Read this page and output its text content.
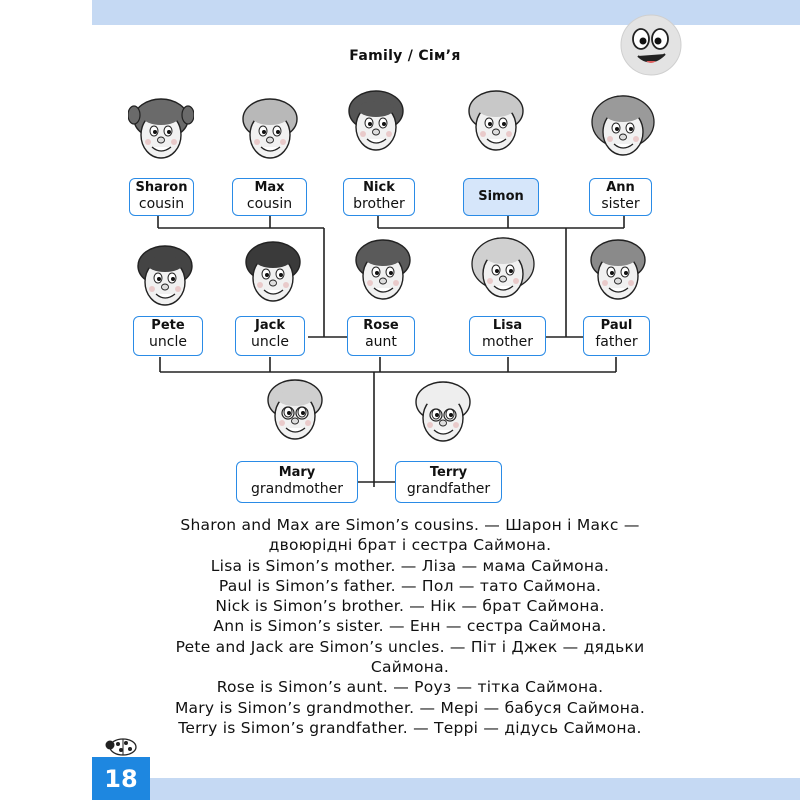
18
Family / Сім’я
Sharon
cousin
Max
cousin
Nick
brother	Simon
Ann
sister
Pete
uncle
Jack
uncle
Rose
aunt
Lisa
mother
Paul
father
Mary
grandmother
Terry
grandfather
Sharon and Max are Simon’s cousins. — Шарон і Макс —
двоюрідні брат і сестра Саймона.
Lisa is Simon’s mother. — Ліза — мама Саймона.
Paul is Simon’s father. — Пол — тато Саймона.
Nick is Simon’s brother. — Нік — брат Саймона.
Ann is Simon’s sister. — Енн — сестра Саймона.
Pete and Jack are Simon’s uncles. — Піт і Джек — дядьки
Саймона.
Rose is Simon’s aunt. — Роуз — тітка Саймона.
Mary is Simon’s grandmother. — Мері — бабуся Саймона.
Terry is Simon’s grandfather. — Террі — дідусь Саймона.
